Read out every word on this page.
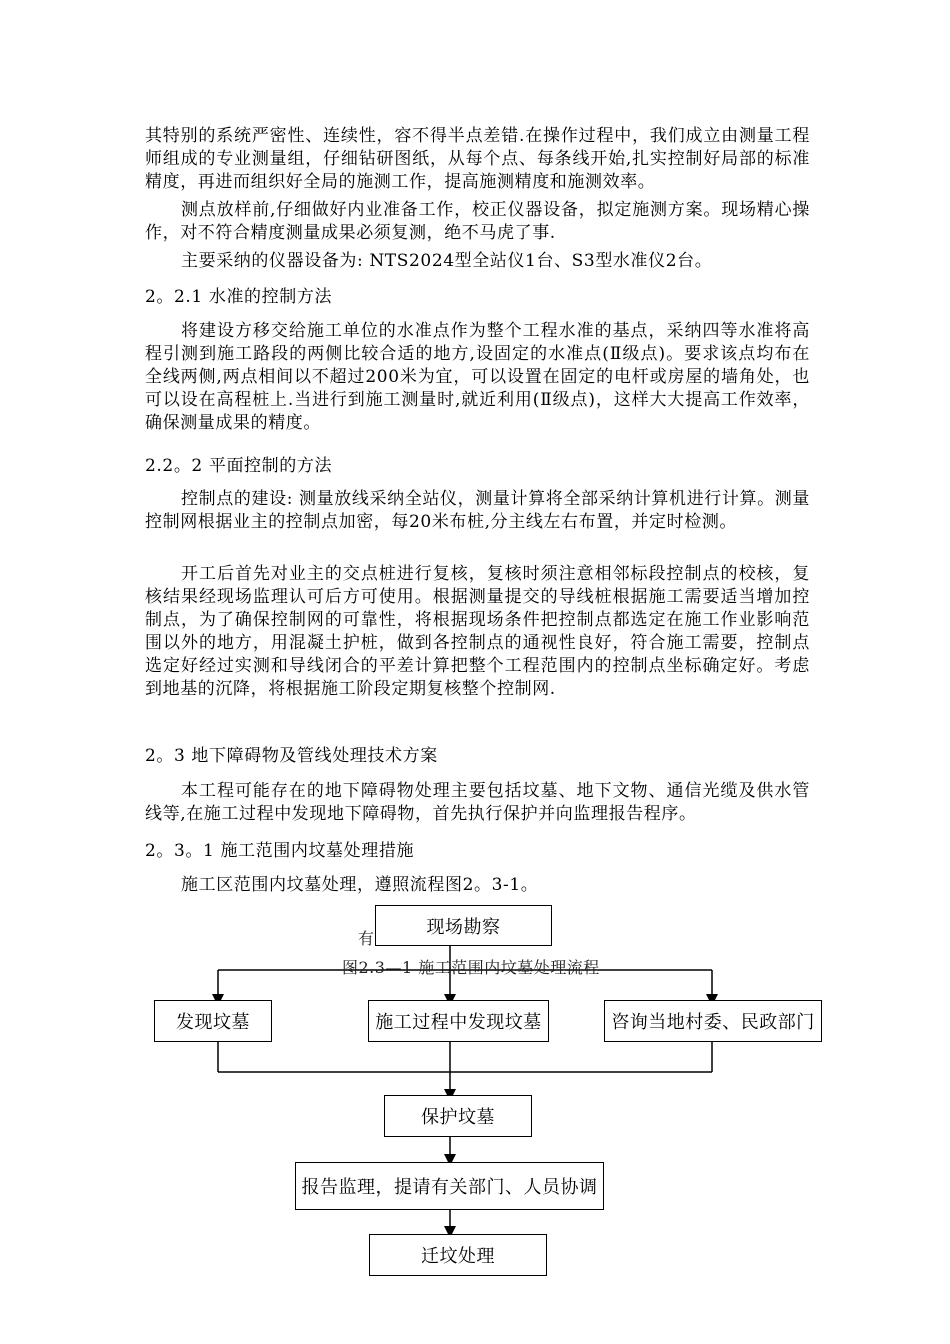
其特别的系统严密性、连续性，容不得半点差错.在操作过程中，我们成立由测量工程师组成的专业测量组，仔细钻研图纸，从每个点、每条线开始,扎实控制好局部的标准精度，再进而组织好全局的施测工作，提高施测精度和施测效率。

测点放样前,仔细做好内业准备工作，校正仪器设备，拟定施测方案。现场精心操作，对不符合精度测量成果必须复测，绝不马虎了事.

主要采纳的仪器设备为: NTS2024型全站仪1台、S3型水准仪2台。

2。2.1 水准的控制方法

将建设方移交给施工单位的水准点作为整个工程水准的基点，采纳四等水准将高程引测到施工路段的两侧比较合适的地方,设固定的水准点(Ⅱ级点)。要求该点均布在全线两侧,两点相间以不超过200米为宜，可以设置在固定的电杆或房屋的墙角处，也可以设在高程桩上.当进行到施工测量时,就近利用(Ⅱ级点)，这样大大提高工作效率，确保测量成果的精度。

2.2。2 平面控制的方法

控制点的建设: 测量放线采纳全站仪，测量计算将全部采纳计算机进行计算。测量控制网根据业主的控制点加密，每20米布桩,分主线左右布置，并定时检测。

开工后首先对业主的交点桩进行复核，复核时须注意相邻标段控制点的校核，复核结果经现场监理认可后方可使用。根据测量提交的导线桩根据施工需要适当增加控制点，为了确保控制网的可靠性，将根据现场条件把控制点都选定在施工作业影响范围以外的地方，用混凝土护桩，做到各控制点的通视性良好，符合施工需要，控制点选定好经过实测和导线闭合的平差计算把整个工程范围内的控制点坐标确定好。考虑到地基的沉降，将根据施工阶段定期复核整个控制网.

2。3 地下障碍物及管线处理技术方案

本工程可能存在的地下障碍物处理主要包括坟墓、地下文物、通信光缆及供水管线等,在施工过程中发现地下障碍物，首先执行保护并向监理报告程序。

2。3。1 施工范围内坟墓处理措施

施工区范围内坟墓处理，遵照流程图2。3-1。

有
现场勘察
图2.3—1 施工范围内坟墓处理流程
发现坟墓	施工过程中发现坟墓	咨询当地村委、民政部门
保护坟墓
报告监理，提请有关部门、人员协调
迁坟处理
